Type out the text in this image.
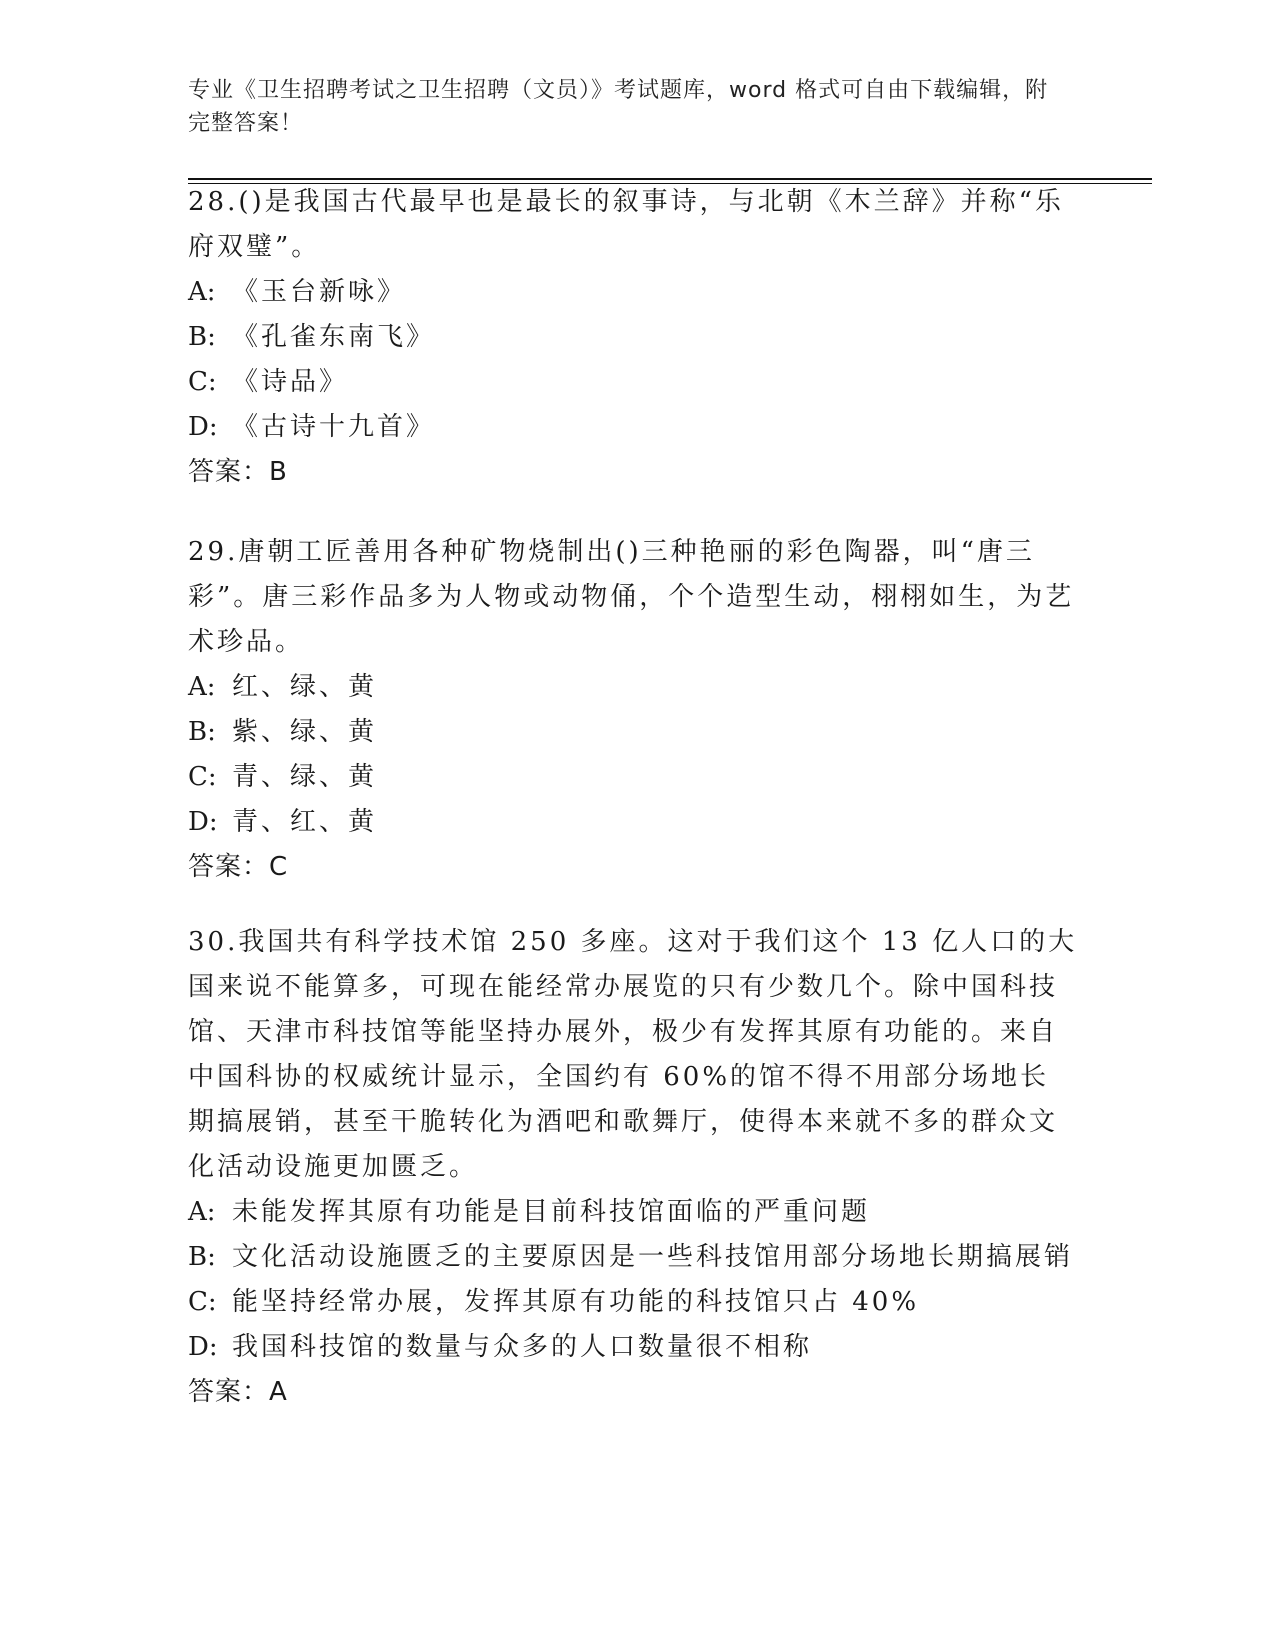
专业《卫生招聘考试之卫生招聘（文员）》考试题库，word 格式可自由下载编辑，附完整答案！

28.()是我国古代最早也是最长的叙事诗，与北朝《木兰辞》并称“乐府双璧”。

A: 《玉台新咏》

B: 《孔雀东南飞》

C: 《诗品》

D: 《古诗十九首》

答案：B

29.唐朝工匠善用各种矿物烧制出()三种艳丽的彩色陶器，叫“唐三彩”。唐三彩作品多为人物或动物俑，个个造型生动，栩栩如生，为艺术珍品。

A: 红、绿、黄

B: 紫、绿、黄

C: 青、绿、黄

D: 青、红、黄

答案：C

30.我国共有科学技术馆 250 多座。这对于我们这个 13 亿人口的大国来说不能算多，可现在能经常办展览的只有少数几个。除中国科技馆、天津市科技馆等能坚持办展外，极少有发挥其原有功能的。来自中国科协的权威统计显示，全国约有 60%的馆不得不用部分场地长期搞展销，甚至干脆转化为酒吧和歌舞厅，使得本来就不多的群众文化活动设施更加匮乏。

A: 未能发挥其原有功能是目前科技馆面临的严重问题

B: 文化活动设施匮乏的主要原因是一些科技馆用部分场地长期搞展销

C: 能坚持经常办展，发挥其原有功能的科技馆只占 40%

D: 我国科技馆的数量与众多的人口数量很不相称

答案：A
